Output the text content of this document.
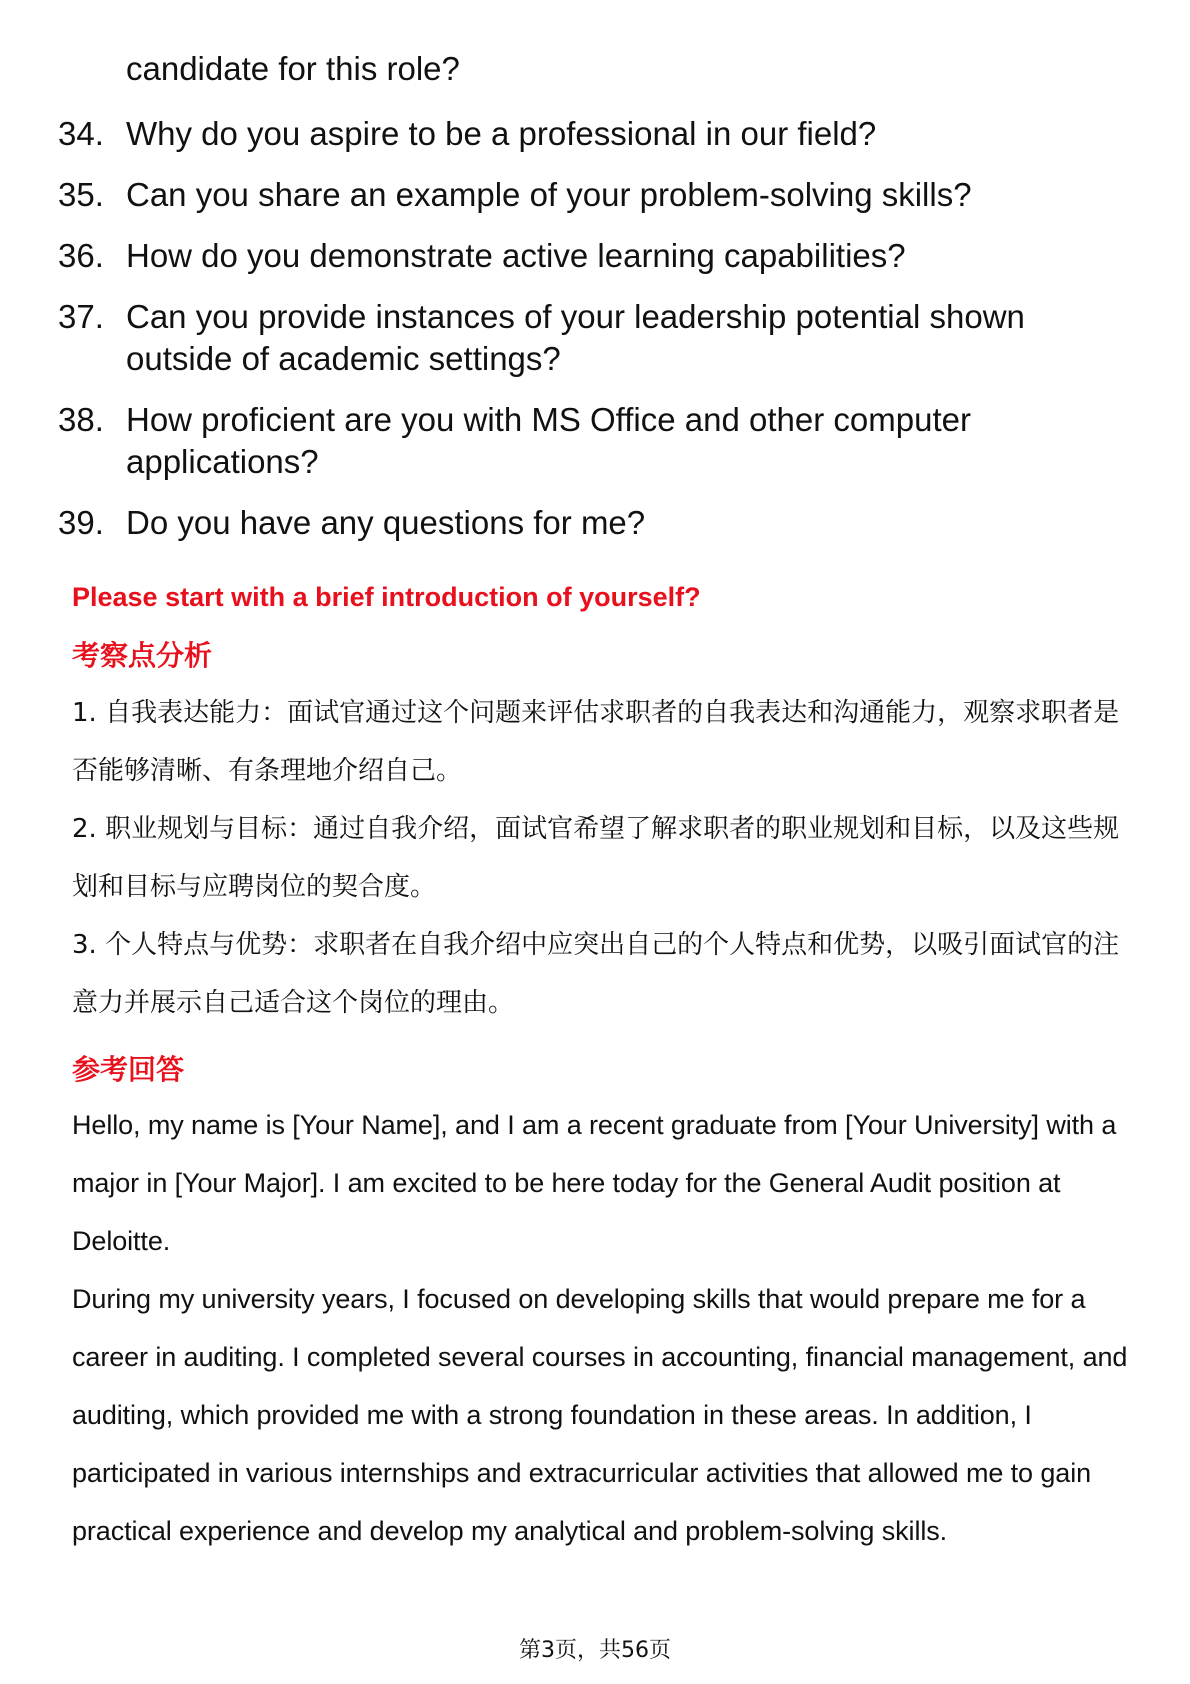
candidate for this role?

34. Why do you aspire to be a professional in our field?
35. Can you share an example of your problem-solving skills?
36. How do you demonstrate active learning capabilities?
37. Can you provide instances of your leadership potential shown outside of academic settings?
38. How proficient are you with MS Office and other computer applications?
39. Do you have any questions for me?
Please start with a brief introduction of yourself?
考察点分析

1. 自我表达能力：面试官通过这个问题来评估求职者的自我表达和沟通能力，观察求职者是否能够清晰、有条理地介绍自己。

2. 职业规划与目标：通过自我介绍，面试官希望了解求职者的职业规划和目标，以及这些规划和目标与应聘岗位的契合度。

3. 个人特点与优势：求职者在自我介绍中应突出自己的个人特点和优势，以吸引面试官的注意力并展示自己适合这个岗位的理由。

参考回答

Hello, my name is [Your Name], and I am a recent graduate from [Your University] with a major in [Your Major]. I am excited to be here today for the General Audit position at Deloitte.

During my university years, I focused on developing skills that would prepare me for a career in auditing. I completed several courses in accounting, financial management, and auditing, which provided me with a strong foundation in these areas. In addition, I participated in various internships and extracurricular activities that allowed me to gain practical experience and develop my analytical and problem-solving skills.

第3页，共56页
